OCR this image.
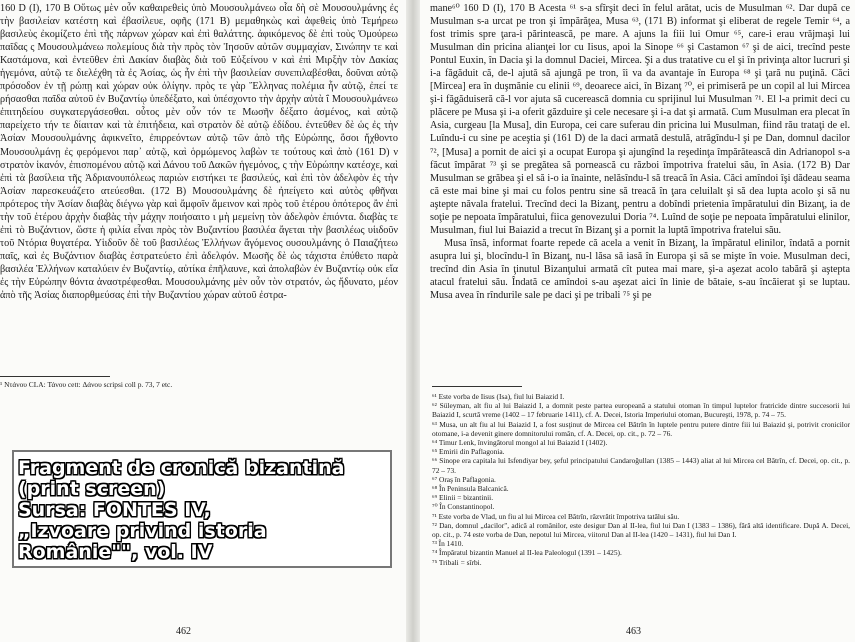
160 D (I), 170 B Οὕτως μὲν οὖν καθαιρεθεὶς ὑπὸ Μουσουλμάνεω οἷα δὴ σὲ Μουσουλμάνης ἐς τὴν βασιλείαν κατέστη καὶ ἐβασίλευε, οφῆς (171 B) μεμαθηκὼς καὶ ἀφεθεὶς ὑπὸ Τεμήρεω βασιλεὺς ἐκομίζετο ἐπὶ τῆς πάρνων χώραν καὶ ἐπὶ θαλάττης. ἀφικόμενος δὲ ἐπὶ τοὺς Ὀμούρεω παῖδας ς Μουσουλμάνεω πολεμίους διὰ τὴν πρὸς τὸν Ἰησοῦν αὐτῶν συμμαχίαν, Σινώπην τε καὶ Καστάμονα, καὶ ἐντεῦθεν ἐπὶ Δακίαν διαβὰς διὰ τοῦ Εὐξείνου ν καὶ ἐπὶ Μιρξὴν τὸν Δακίας ἡγεμόνα, αὐτῷ τε διελέχθη τὰ ἐς Ἀσίας, ὡς ἦν ἐπὶ τὴν βασιλείαν συνεπιλαβέσθαι, δοῦναι αὐτῷ πρόσοδον ἐν τῇ ρώπῃ καὶ χώραν οὐκ ὀλίγην. πρὸς τε γὰρ Ἕλληνας πολέμια ἦν αὐτῷ, ἐπεί τε ρήσασθαι παῖδα αὐτοῦ ἐν Βυζαντίῳ ὑπεδέξατο, καὶ ὑπέσχοντο τὴν ἀρχὴν αὐτὰ ΐ Μουσουλμάνεω ἐπιτηδείου συγκατεργάσεσθαι. οὗτος μὲν οὖν τόν τε Μωσῆν δέξατο ἀσμένος, καὶ αὐτῷ παρείχετο τήν τε δίαιταν καὶ τὰ ἐπιτήδεια, καὶ στρατὸν δὲ αὐτῷ ἐδίδου. ἐντεῦθεν δὲ ὡς ἐς τὴν Ἀσίαν Μουσουλμάνης ἀφικνεῖτο, ἐπιρρεόντων αὐτῷ τῶν ἀπὸ τῆς Εὐρώπης, ὅσοι ἤχθοντο Μουσουλμάνῃ ἐς φερόμενοι παρ᾿ αὐτῷ, καὶ ὁρμώμενος λαβὼν τε τούτους καὶ ἀπὸ (161 D) ν στρατὸν ἱκανόν, ἐπισπομένου αὐτῷ καὶ Δάνου τοῦ Δακῶν ἡγεμόνος, ς τὴν Εὐρώπην κατέσχε, καὶ ἐπὶ τὰ βασίλεια τῆς Ἀδριανουπόλεως παριὼν ειστήκει τε βασιλεύς, καὶ ἐπὶ τὸν ἀδελφὸν ἐς τὴν Ἀσίαν παρεσκευάζετο ατεύεσθαι. (172 B) Μουσουλμάνης δὲ ἠπείγετο καὶ αὐτὸς φθῆναι πρότερος τὴν Ἀσίαν διαβὰς διέγνω γὰρ καὶ ἄμφοῖν ἄμεινον καὶ πρὸς τοῦ ἑτέρου ὁπότερος ἂν ἐπὶ τὴν τοῦ ἑτέρου ἀρχὴν διαβὰς τὴν μάχην ποιήσαιτο ι μὴ μεμείνῃ τὸν ἀδελφὸν ἐπιόντα. διαβὰς τε ἐπὶ τὸ Βυζάντιον, ὥστε ἡ φιλία εἶναι πρὸς τὸν Βυζαντίου βασιλέα ἄγεται τὴν βασιλέως υἱιδοῦν τοῦ Ντόρια θυγατέρα. Υἱιδοῦν δὲ τοῦ βασιλέως Ἑλλήνων ἄγόμενος ουσουλμάνης ὁ Παιαζήτεω παῖς, καὶ ἐς Βυζάντιον διαβὰς ἐστρατεύετο ἐπὶ ἀδελφόν. Μωσῆς δὲ ὡς τάχιστα ἐπύθετο παρὰ βασιλέα Ἑλλήνων καταλύειν ἐν Βυζαντίῳ, αὐτίκα ἐπῆλαυνε, καὶ ἀπολαβὼν ἐν Βυζαντίῳ οὐκ εἴα ἐς τὴν Εὐρώπην θόντα ἀναστρέφεσθαι. Μουσουλμάνης μὲν οὖν τὸν στρατόν, ὡς ἤδυνατο, μέον ἀπὸ τῆς Ἀσίας διαπορθμεύσας ἐπὶ τὴν Βυζαντίου χώραν αὐτοῦ ἐστρα-

¹ Ντάνου CLA: Τάνου cett: Δάνου scripsi coll p. 73, 7 etc.

462

mane⁶⁰ 160 D (I), 170 B Acesta ⁶¹ s-a sfîrşit deci în felul arătat, ucis de Musulman ⁶². Dar după ce Musulman s-a urcat pe tron şi împărăţea, Musa ⁶³, (171 B) informat şi eliberat de regele Temir ⁶⁴, a fost trimis spre ţara-i părintească, pe mare. A ajuns la fiii lui Omur ⁶⁵, care-i erau vrăjmaşi lui Musulman din pricina alianţei lor cu Iisus, apoi la Sinope ⁶⁶ şi Castamon ⁶⁷ şi de aici, trecînd peste Pontul Euxin, în Dacia şi la domnul Daciei, Mircea. Şi a dus tratative cu el şi în privinţa altor lucruri şi i-a făgăduit că, de-l ajută să ajungă pe tron, îi va da avantaje în Europa ⁶⁸ şi ţară nu puţină. Căci [Mircea] era în duşmănie cu elinii ⁶⁹, deoarece aici, în Bizanţ ⁷⁰, ei primiseră pe un copil al lui Mircea şi-i făgăduiseră că-l vor ajuta să cucerească domnia cu sprijinul lui Musulman ⁷¹. El l-a primit deci cu plăcere pe Musa şi i-a oferit găzduire şi cele necesare şi i-a dat şi armată. Cum Musulman era plecat în Asia, curgeau [la Musa], din Europa, cei care suferau din pricina lui Musulman, fiind rău trataţi de el. Luîndu-i cu sine pe aceştia şi (161 D) de la daci armată destulă, atrăgîndu-l şi pe Dan, domnul dacilor ⁷², [Musa] a pornit de aici şi a ocupat Europa şi ajungînd la reşedinţa împărătească din Adrianopol s-a făcut împărat ⁷³ şi se pregătea să pornească cu război împotriva fratelui său, în Asia. (172 B) Dar Musulman se grăbea şi el să i-o ia înainte, nelăsîndu-l să treacă în Asia. Căci amîndoi îşi dădeau seama că este mai bine şi mai cu folos pentru sine să treacă în ţara celuilalt şi să dea lupta acolo şi să nu aştepte năvala fratelui. Trecînd deci la Bizanţ, pentru a dobîndi prietenia împăratului din Bizanţ, ia de soţie pe nepoata împăratului, fiica genovezului Doria ⁷⁴. Luînd de soţie pe nepoata împăratului elinilor, Musulman, fiul lui Baiazid a trecut în Bizanţ şi a pornit la luptă împotriva fratelui său.

Musa însă, informat foarte repede că acela a venit în Bizanţ, la împăratul elinilor, îndată a pornit asupra lui şi, blocîndu-l în Bizanţ, nu-l lăsa să iasă în Europa şi să se mişte în voie. Musulman deci, trecînd din Asia în ţinutul Bizanţului armată cît putea mai mare, şi-a aşezat acolo tabără şi aştepta atacul fratelui său. Îndată ce amîndoi s-au aşezat aici în linie de bătaie, s-au încăierat şi se luptau. Musa avea în rîndurile sale pe daci şi pe tribali ⁷⁵ şi pe

⁶¹ Este vorba de Iisus (Isa), fiul lui Baiazid I.

⁶² Süleyman, alt fiu al lui Baiazid I, a domnit peste partea europeană a statului otoman în timpul luptelor fratricide dintre succesorii lui Baiazid I, scurtă vreme (1402 – 17 februarie 1411), cf. A. Decei, Istoria Imperiului otoman, Bucureşti, 1978, p. 74 – 75.

⁶³ Musa, un alt fiu al lui Baiazid I, a fost susţinut de Mircea cel Bătrîn în luptele pentru putere dintre fiii lui Baiazid şi, potrivit cronicilor otomane, i-a devenit ginere domnitorului român, cf. A. Decei, op. cit., p. 72 – 76.

⁶⁴ Timur Lenk, învingătorul mongol al lui Baiazid I (1402).

⁶⁵ Emirii din Paflagonia.

⁶⁶ Sinope era capitala lui Isfendiyar bey, şeful principatului Candaroğulları (1385 – 1443) aliat al lui Mircea cel Bătrîn, cf. Decei, op. cit., p. 72 – 73.

⁶⁷ Oraş în Paflagonia.

⁶⁸ În Peninsula Balcanică.

⁶⁹ Elinii = bizantinii.

⁷⁰ În Constantinopol.

⁷¹ Este vorba de Vlad, un fiu al lui Mircea cel Bătrîn, răzvrătit împotriva tatălui său.

⁷² Dan, domnul „dacilor", adică al românilor, este desigur Dan al II-lea, fiul lui Dan I (1383 – 1386), fără altă identificare. După A. Decei, op. cit., p. 74 este vorba de Dan, nepotul lui Mircea, viitorul Dan al II-lea (1420 – 1431), fiul lui Dan I.

⁷³ În 1410.

⁷⁴ Împăratul bizantin Manuel al II-lea Paleologul (1391 – 1425).

⁷⁵ Tribali = sîrbi.

463
Fragment de cronică bizantină
(print screen)
Sursa: FONTES IV,
„Izvoare privind istoria
Românie"", vol. IV
